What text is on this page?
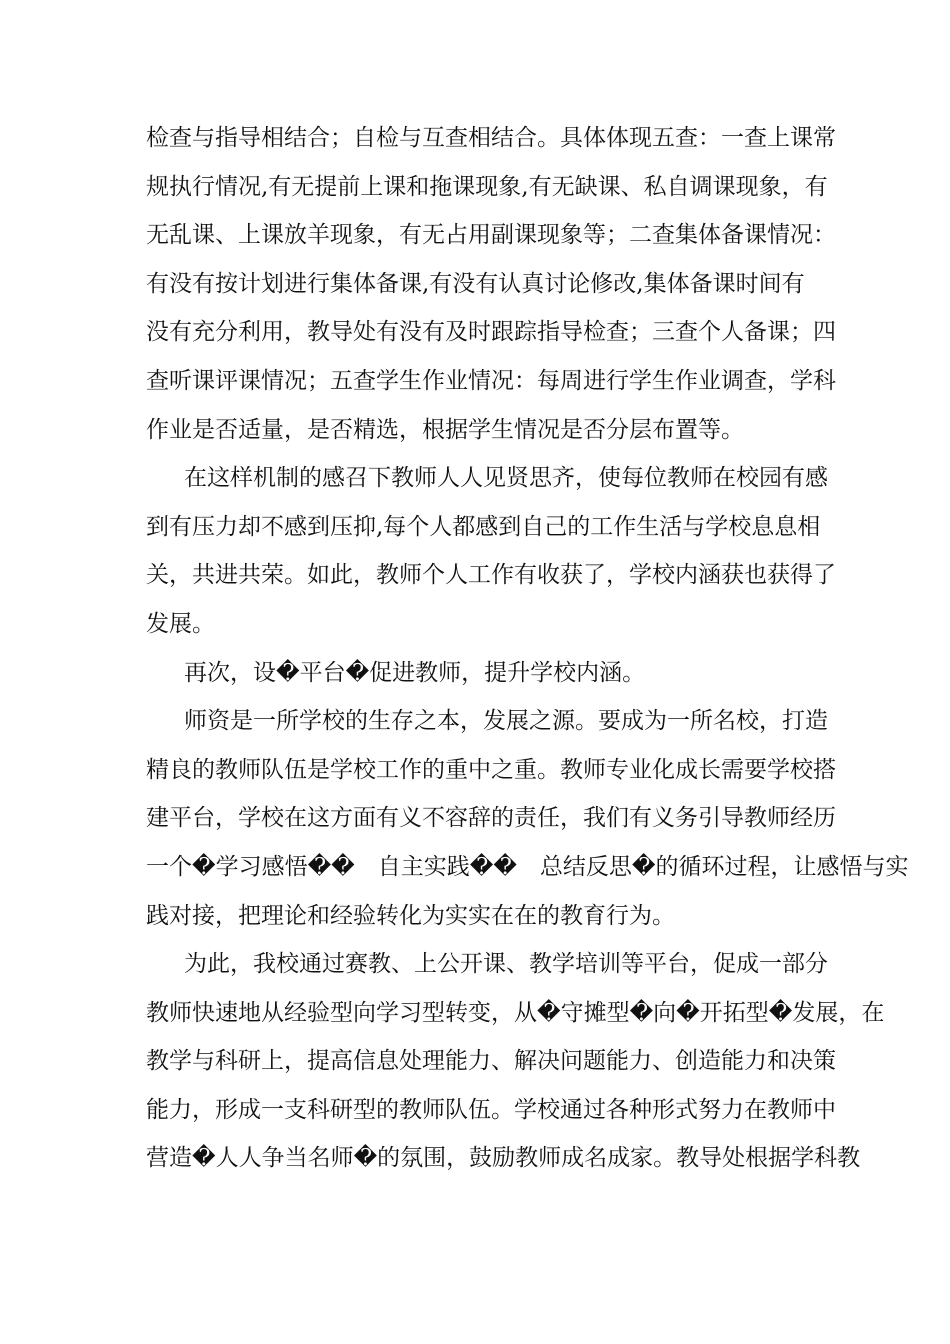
检查与指导相结合；自检与互查相结合。具体体现五查：一查上课常
规执行情况,有无提前上课和拖课现象,有无缺课、私自调课现象，有
无乱课、上课放羊现象，有无占用副课现象等；二查集体备课情况：
有没有按计划进行集体备课,有没有认真讨论修改,集体备课时间有
没有充分利用，教导处有没有及时跟踪指导检查；三查个人备课；四
查听课评课情况；五查学生作业情况：每周进行学生作业调查，学科
作业是否适量，是否精选，根据学生情况是否分层布置等。
在这样机制的感召下教师人人见贤思齐，使每位教师在校园有感
到有压力却不感到压抑,每个人都感到自己的工作生活与学校息息相
关，共进共荣。如此，教师个人工作有收获了，学校内涵获也获得了
发展。
再次，设�平台�促进教师，提升学校内涵。
师资是一所学校的生存之本，发展之源。要成为一所名校，打造
精良的教师队伍是学校工作的重中之重。教师专业化成长需要学校搭
建平台，学校在这方面有义不容辞的责任，我们有义务引导教师经历
一个�学习感悟��　自主实践��　总结反思�的循环过程，让感悟与实
践对接，把理论和经验转化为实实在在的教育行为。
为此，我校通过赛教、上公开课、教学培训等平台，促成一部分
教师快速地从经验型向学习型转变，从�守摊型�向�开拓型�发展，在
教学与科研上，提高信息处理能力、解决问题能力、创造能力和决策
能力，形成一支科研型的教师队伍。学校通过各种形式努力在教师中
营造�人人争当名师�的氛围，鼓励教师成名成家。教导处根据学科教
